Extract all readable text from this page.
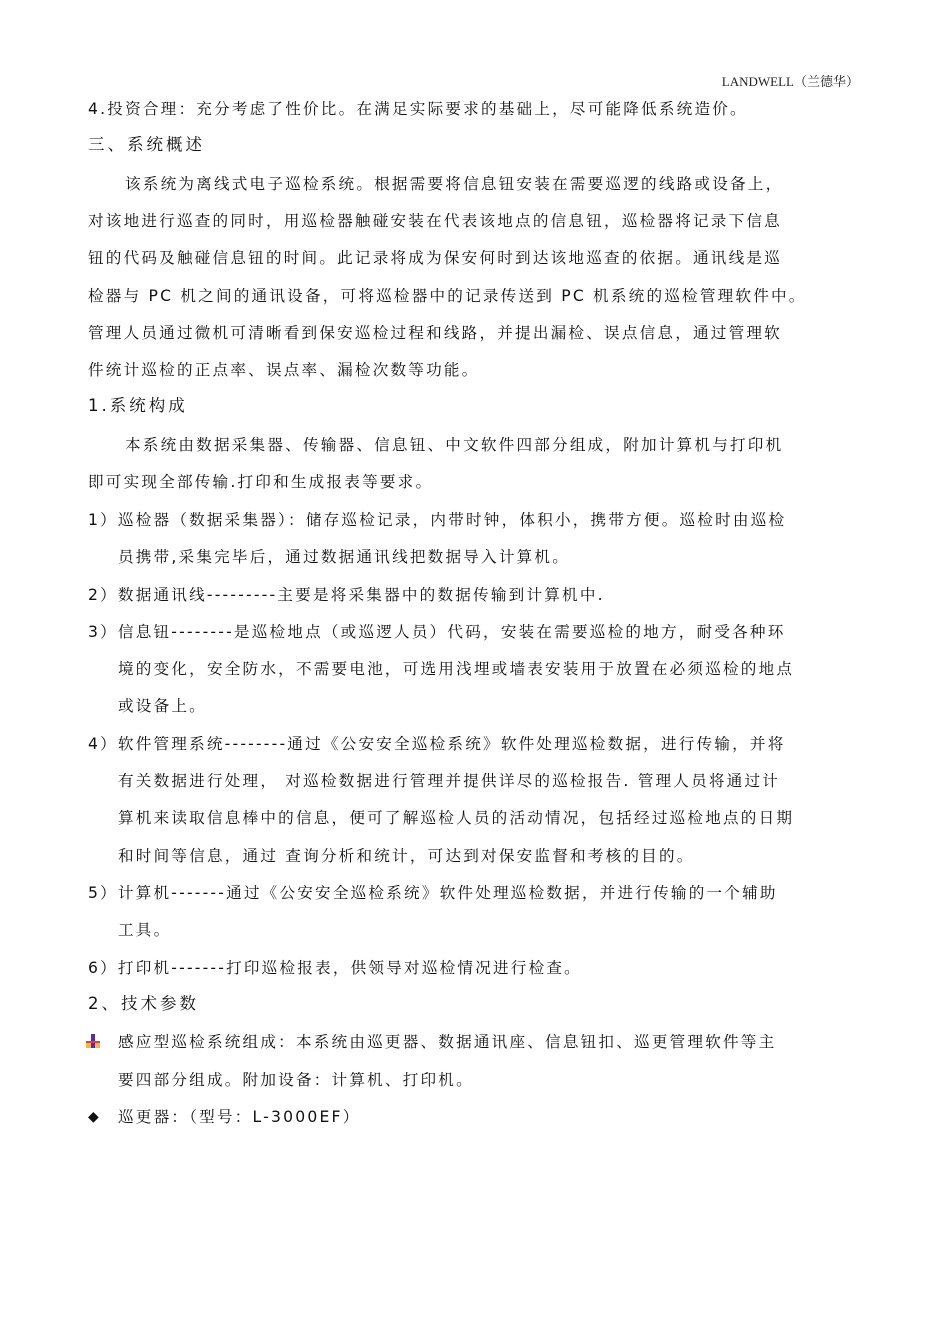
LANDWELL（兰德华）
4.投资合理：充分考虑了性价比。在满足实际要求的基础上，尽可能降低系统造价。
三、系统概述
该系统为离线式电子巡检系统。根据需要将信息钮安装在需要巡逻的线路或设备上，
对该地进行巡查的同时，用巡检器触碰安装在代表该地点的信息钮，巡检器将记录下信息
钮的代码及触碰信息钮的时间。此记录将成为保安何时到达该地巡查的依据。通讯线是巡
检器与 PC 机之间的通讯设备，可将巡检器中的记录传送到 PC 机系统的巡检管理软件中。
管理人员通过微机可清晰看到保安巡检过程和线路，并提出漏检、误点信息，通过管理软
件统计巡检的正点率、误点率、漏检次数等功能。
1.系统构成
本系统由数据采集器、传输器、信息钮、中文软件四部分组成，附加计算机与打印机
即可实现全部传输.打印和生成报表等要求。
1）巡检器（数据采集器）：储存巡检记录，内带时钟，体积小，携带方便。巡检时由巡检
员携带,采集完毕后，通过数据通讯线把数据导入计算机。
2）数据通讯线---------主要是将采集器中的数据传输到计算机中.
3）信息钮--------是巡检地点（或巡逻人员）代码，安装在需要巡检的地方，耐受各种环
境的变化，安全防水，不需要电池，可选用浅埋或墙表安装用于放置在必须巡检的地点
或设备上。
4）软件管理系统--------通过《公安安全巡检系统》软件处理巡检数据，进行传输，并将
有关数据进行处理， 对巡检数据进行管理并提供详尽的巡检报告. 管理人员将通过计
算机来读取信息棒中的信息，便可了解巡检人员的活动情况，包括经过巡检地点的日期
和时间等信息，通过 查询分析和统计，可达到对保安监督和考核的目的。
5）计算机-------通过《公安安全巡检系统》软件处理巡检数据，并进行传输的一个辅助
工具。
6）打印机-------打印巡检报表，供领导对巡检情况进行检查。
2、技术参数
感应型巡检系统组成：本系统由巡更器、数据通讯座、信息钮扣、巡更管理软件等主
要四部分组成。附加设备：计算机、打印机。
◆ 巡更器：（型号：L-3000EF）
